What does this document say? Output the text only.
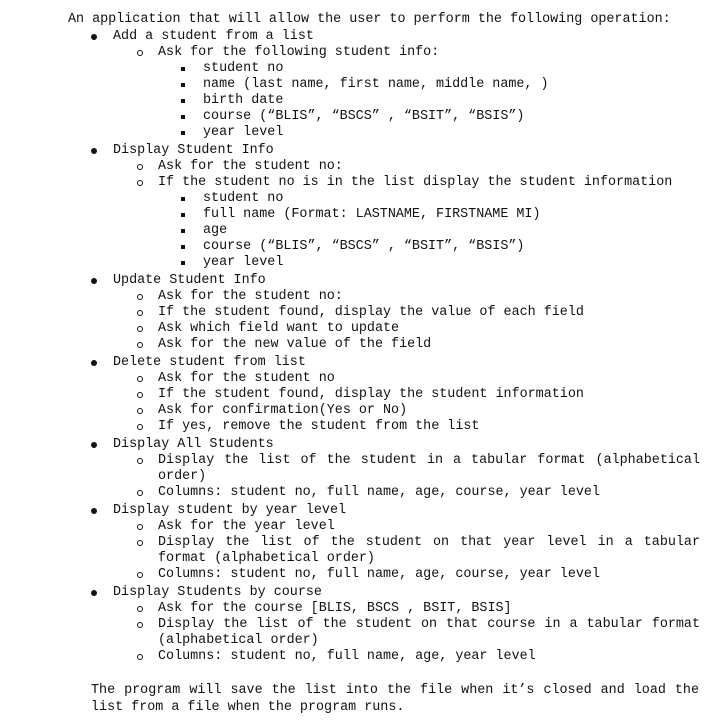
An application that will allow the user to perform the following operation:
Add a student from a list
Ask for the following student info:
student no
name (last name, first name, middle name, )
birth date
course (“BLIS”, “BSCS” , “BSIT”, “BSIS”)
year level
Display Student Info
Ask for the student no:
If the student no is in the list display the student information
student no
full name (Format: LASTNAME, FIRSTNAME MI)
age
course (“BLIS”, “BSCS” , “BSIT”, “BSIS”)
year level
Update Student Info
Ask for the student no:
If the student found, display the value of each field
Ask which field want to update
Ask for the new value of the field
Delete student from list
Ask for the student no
If the student found, display the student information
Ask for confirmation(Yes or No)
If yes, remove the student from the list
Display All Students
Display the list of the student in a tabular format (alphabetical order)
Columns: student no, full name, age, course, year level
Display student by year level
Ask for the year level
Display the list of the student on that year level in a tabular format (alphabetical order)
Columns: student no, full name, age, course, year level
Display Students by course
Ask for the course [BLIS, BSCS , BSIT, BSIS]
Display the list of the student on that course in a tabular format (alphabetical order)
Columns: student no, full name, age, year level
The program will save the list into the file when it’s closed and load the list from a file when the program runs.
